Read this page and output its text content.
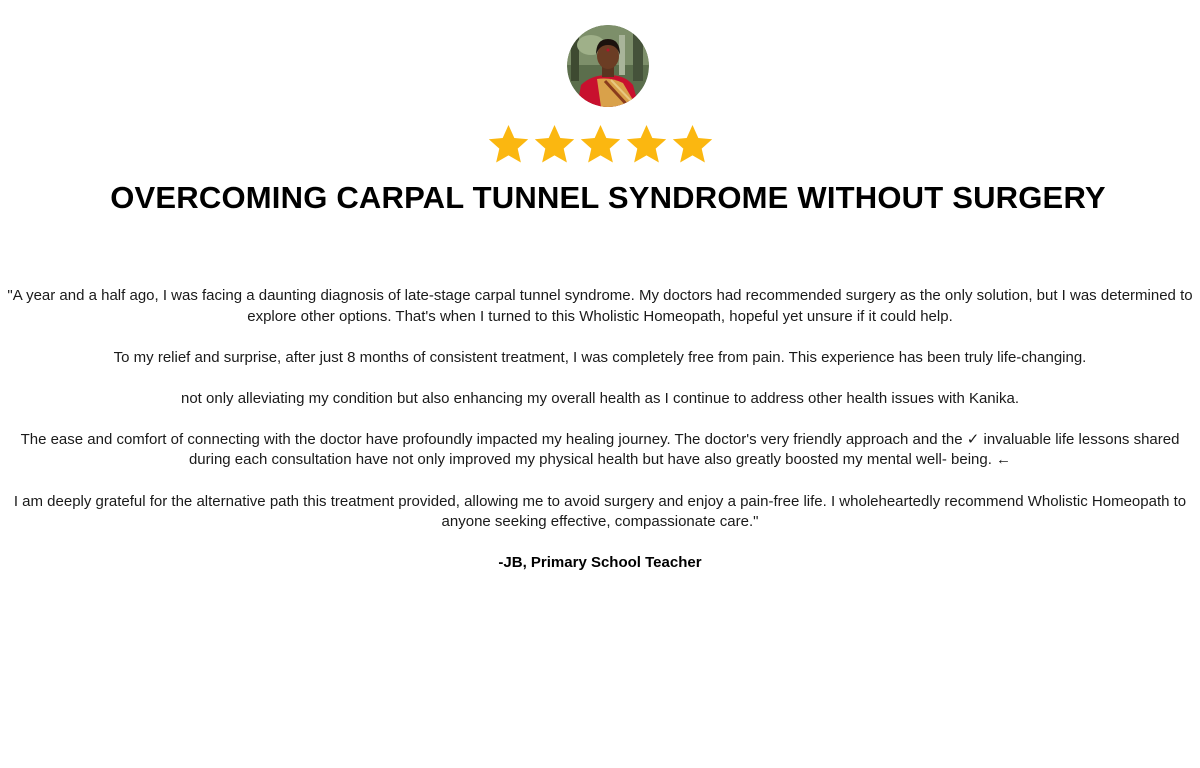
OVERCOMING CARPAL TUNNEL SYNDROME WITHOUT SURGERY

"A year and a half ago, I was facing a daunting diagnosis of late-stage carpal tunnel syndrome. My doctors had recommended surgery as the only solution, but I was determined to explore other options. That's when I turned to this Wholistic Homeopath, hopeful yet unsure if it could help.

To my relief and surprise, after just 8 months of consistent treatment, I was completely free from pain. This experience has been truly life-changing.

not only alleviating my condition but also enhancing my overall health as I continue to address other health issues with Kanika.

The ease and comfort of connecting with the doctor have profoundly impacted my healing journey. The doctor's very friendly approach and the ✓ invaluable life lessons shared during each consultation have not only improved my physical health but have also greatly boosted my mental well- being. ←

I am deeply grateful for the alternative path this treatment provided, allowing me to avoid surgery and enjoy a pain-free life. I wholeheartedly recommend Wholistic Homeopath to anyone seeking effective, compassionate care."

-JB, Primary School Teacher
